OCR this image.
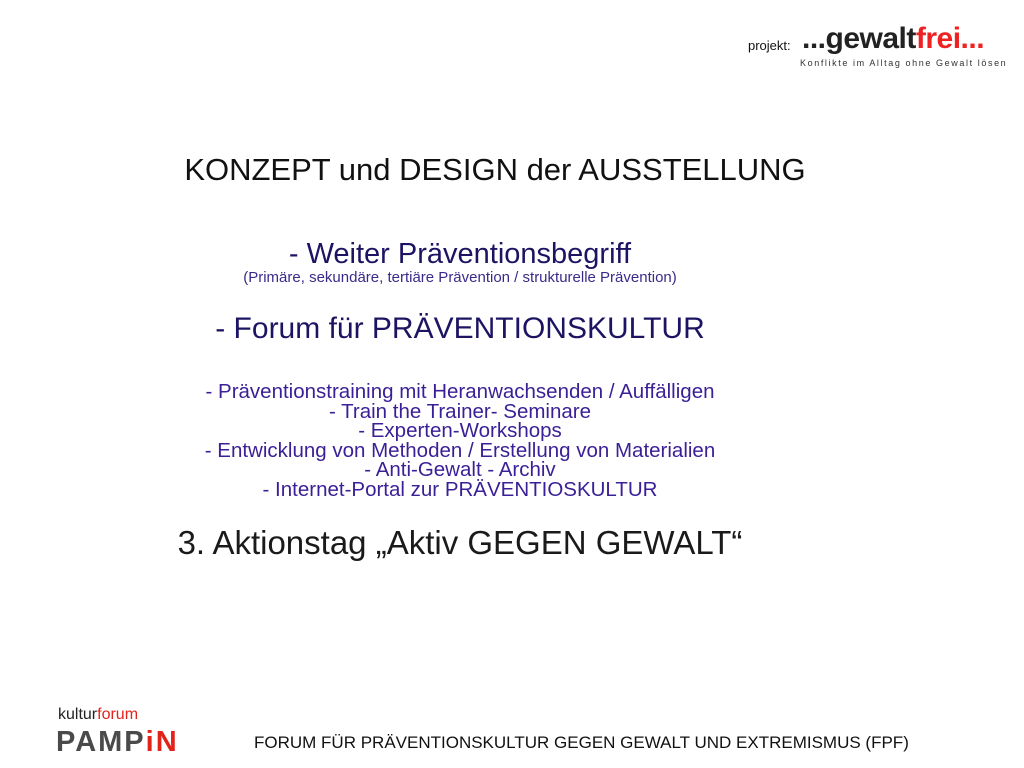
projekt: ...gewaltfrei...
Konflikte im Alltag ohne Gewalt lösen
KONZEPT und DESIGN der AUSSTELLUNG
- Weiter Präventionsbegriff
(Primäre, sekundäre, tertiäre Prävention / strukturelle Prävention)
- Forum für PRÄVENTIONSKULTUR
- Präventionstraining mit Heranwachsenden / Auffälligen
- Train the Trainer- Seminare
- Experten-Workshops
- Entwicklung von Methoden / Erstellung von Materialien
- Anti-Gewalt - Archiv
- Internet-Portal zur PRÄVENTIOSKULTUR
3. Aktionstag „Aktiv GEGEN GEWALT“
kulturforum
PAMPiN	FORUM FÜR PRÄVENTIONSKULTUR GEGEN GEWALT UND EXTREMISMUS (FPF)
